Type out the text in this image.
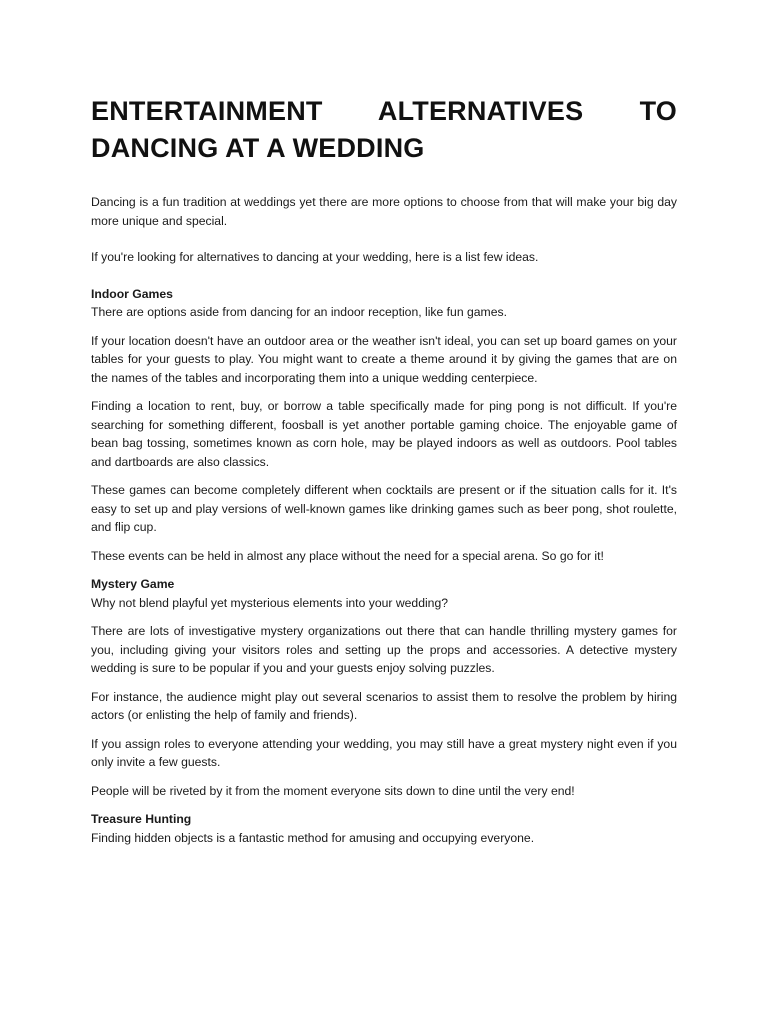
ENTERTAINMENT ALTERNATIVES TO DANCING AT A WEDDING

Dancing is a fun tradition at weddings yet there are more options to choose from that will make your big day more unique and special.

If you're looking for alternatives to dancing at your wedding, here is a list few ideas.

Indoor Games

There are options aside from dancing for an indoor reception, like fun games.

If your location doesn't have an outdoor area or the weather isn't ideal, you can set up board games on your tables for your guests to play. You might want to create a theme around it by giving the games that are on the names of the tables and incorporating them into a unique wedding centerpiece.

Finding a location to rent, buy, or borrow a table specifically made for ping pong is not difficult. If you're searching for something different, foosball is yet another portable gaming choice. The enjoyable game of bean bag tossing, sometimes known as corn hole, may be played indoors as well as outdoors. Pool tables and dartboards are also classics.

These games can become completely different when cocktails are present or if the situation calls for it. It's easy to set up and play versions of well-known games like drinking games such as beer pong, shot roulette, and flip cup.

These events can be held in almost any place without the need for a special arena. So go for it!

Mystery Game

Why not blend playful yet mysterious elements into your wedding?

There are lots of investigative mystery organizations out there that can handle thrilling mystery games for you, including giving your visitors roles and setting up the props and accessories. A detective mystery wedding is sure to be popular if you and your guests enjoy solving puzzles.

For instance, the audience might play out several scenarios to assist them to resolve the problem by hiring actors (or enlisting the help of family and friends).

If you assign roles to everyone attending your wedding, you may still have a great mystery night even if you only invite a few guests.

People will be riveted by it from the moment everyone sits down to dine until the very end!

Treasure Hunting

Finding hidden objects is a fantastic method for amusing and occupying everyone.
